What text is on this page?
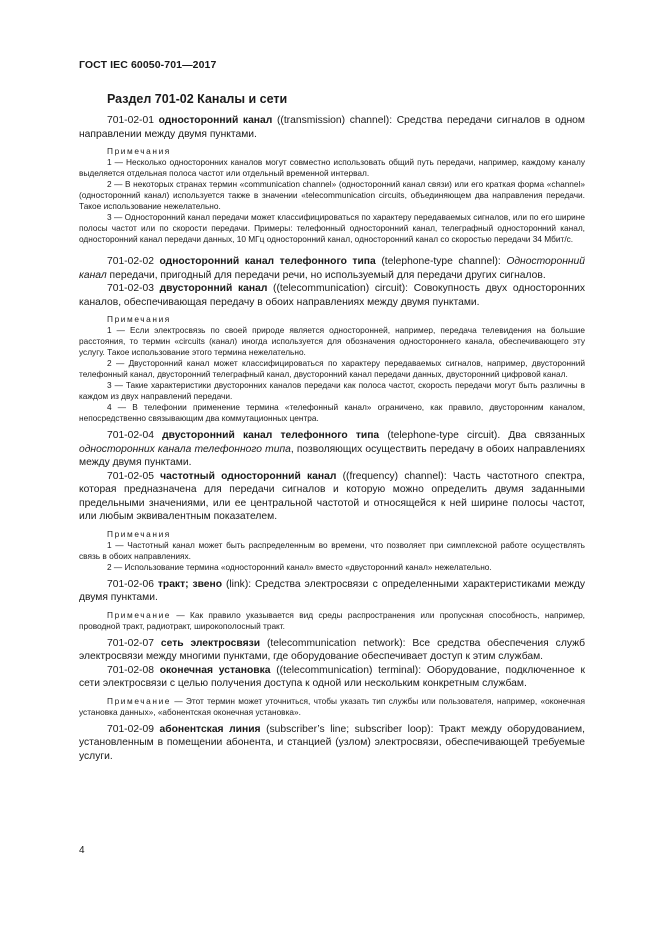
ГОСТ IEC 60050-701—2017
Раздел 701-02 Каналы и сети

701-02-01 односторонний канал ((transmission) channel): Средства передачи сигналов в одном направлении между двумя пунктами.

Примечания

1 — Несколько односторонних каналов могут совместно использовать общий путь передачи, например, каждому каналу выделяется отдельная полоса частот или отдельный временной интервал.

2 — В некоторых странах термин «communication channel» (односторонний канал связи) или его краткая форма «channel» (односторонний канал) используется также в значении «telecommunication circuits, объединяющем два направления передачи. Такое использование нежелательно.

3 — Односторонний канал передачи может классифицироваться по характеру передаваемых сигналов, или по его ширине полосы частот или по скорости передачи. Примеры: телефонный односторонний канал, телеграфный односторонний канал, односторонний канал передачи данных, 10 МГц односторонний канал, односторонний канал со скоростью передачи 34 Мбит/с.

701-02-02 односторонний канал телефонного типа (telephone-type channel): Односторонний канал передачи, пригодный для передачи речи, но используемый для передачи других сигналов.

701-02-03 двусторонний канал ((telecommunication) circuit): Совокупность двух односторонних каналов, обеспечивающая передачу в обоих направлениях между двумя пунктами.

Примечания

1 — Если электросвязь по своей природе является односторонней, например, передача телевидения на большие расстояния, то термин «circuits (канал) иногда используется для обозначения одностороннего канала, обеспечивающего эту услугу. Такое использование этого термина нежелательно.

2 — Двусторонний канал может классифицироваться по характеру передаваемых сигналов, например, двусторонний телефонный канал, двусторонний телеграфный канал, двусторонний канал передачи данных, двусторонний цифровой канал.

3 — Такие характеристики двусторонних каналов передачи как полоса частот, скорость передачи могут быть различны в каждом из двух направлений передачи.

4 — В телефонии применение термина «телефонный канал» ограничено, как правило, двусторонним каналом, непосредственно связывающим два коммутационных центра.

701-02-04 двусторонний канал телефонного типа (telephone-type circuit). Два связанных односторонних канала телефонного типа, позволяющих осуществить передачу в обоих направлениях между двумя пунктами.

701-02-05 частотный односторонний канал ((frequency) channel): Часть частотного спектра, которая предназначена для передачи сигналов и которую можно определить двумя заданными предельными значениями, или ее центральной частотой и относящейся к ней ширине полосы частот, или любым эквивалентным показателем.

Примечания

1 — Частотный канал может быть распределенным во времени, что позволяет при симплексной работе осуществлять связь в обоих направлениях.

2 — Использование термина «односторонний канал» вместо «двусторонний канал» нежелательно.

701-02-06 тракт; звено (link): Средства электросвязи с определенными характеристиками между двумя пунктами.

Примечание — Как правило указывается вид среды распространения или пропускная способность, например, проводной тракт, радиотракт, широкополосный тракт.

701-02-07 сеть электросвязи (telecommunication network): Все средства обеспечения служб электросвязи между многими пунктами, где оборудование обеспечивает доступ к этим службам.

701-02-08 оконечная установка ((telecommunication) terminal): Оборудование, подключенное к сети электросвязи с целью получения доступа к одной или нескольким конкретным службам.

Примечание — Этот термин может уточниться, чтобы указать тип службы или пользователя, например, «оконечная установка данных», «абонентская оконечная установка».

701-02-09 абонентская линия (subscriber’s line; subscriber loop): Тракт между оборудованием, установленным в помещении абонента, и станцией (узлом) электросвязи, обеспечивающей требуемые услуги.

4
